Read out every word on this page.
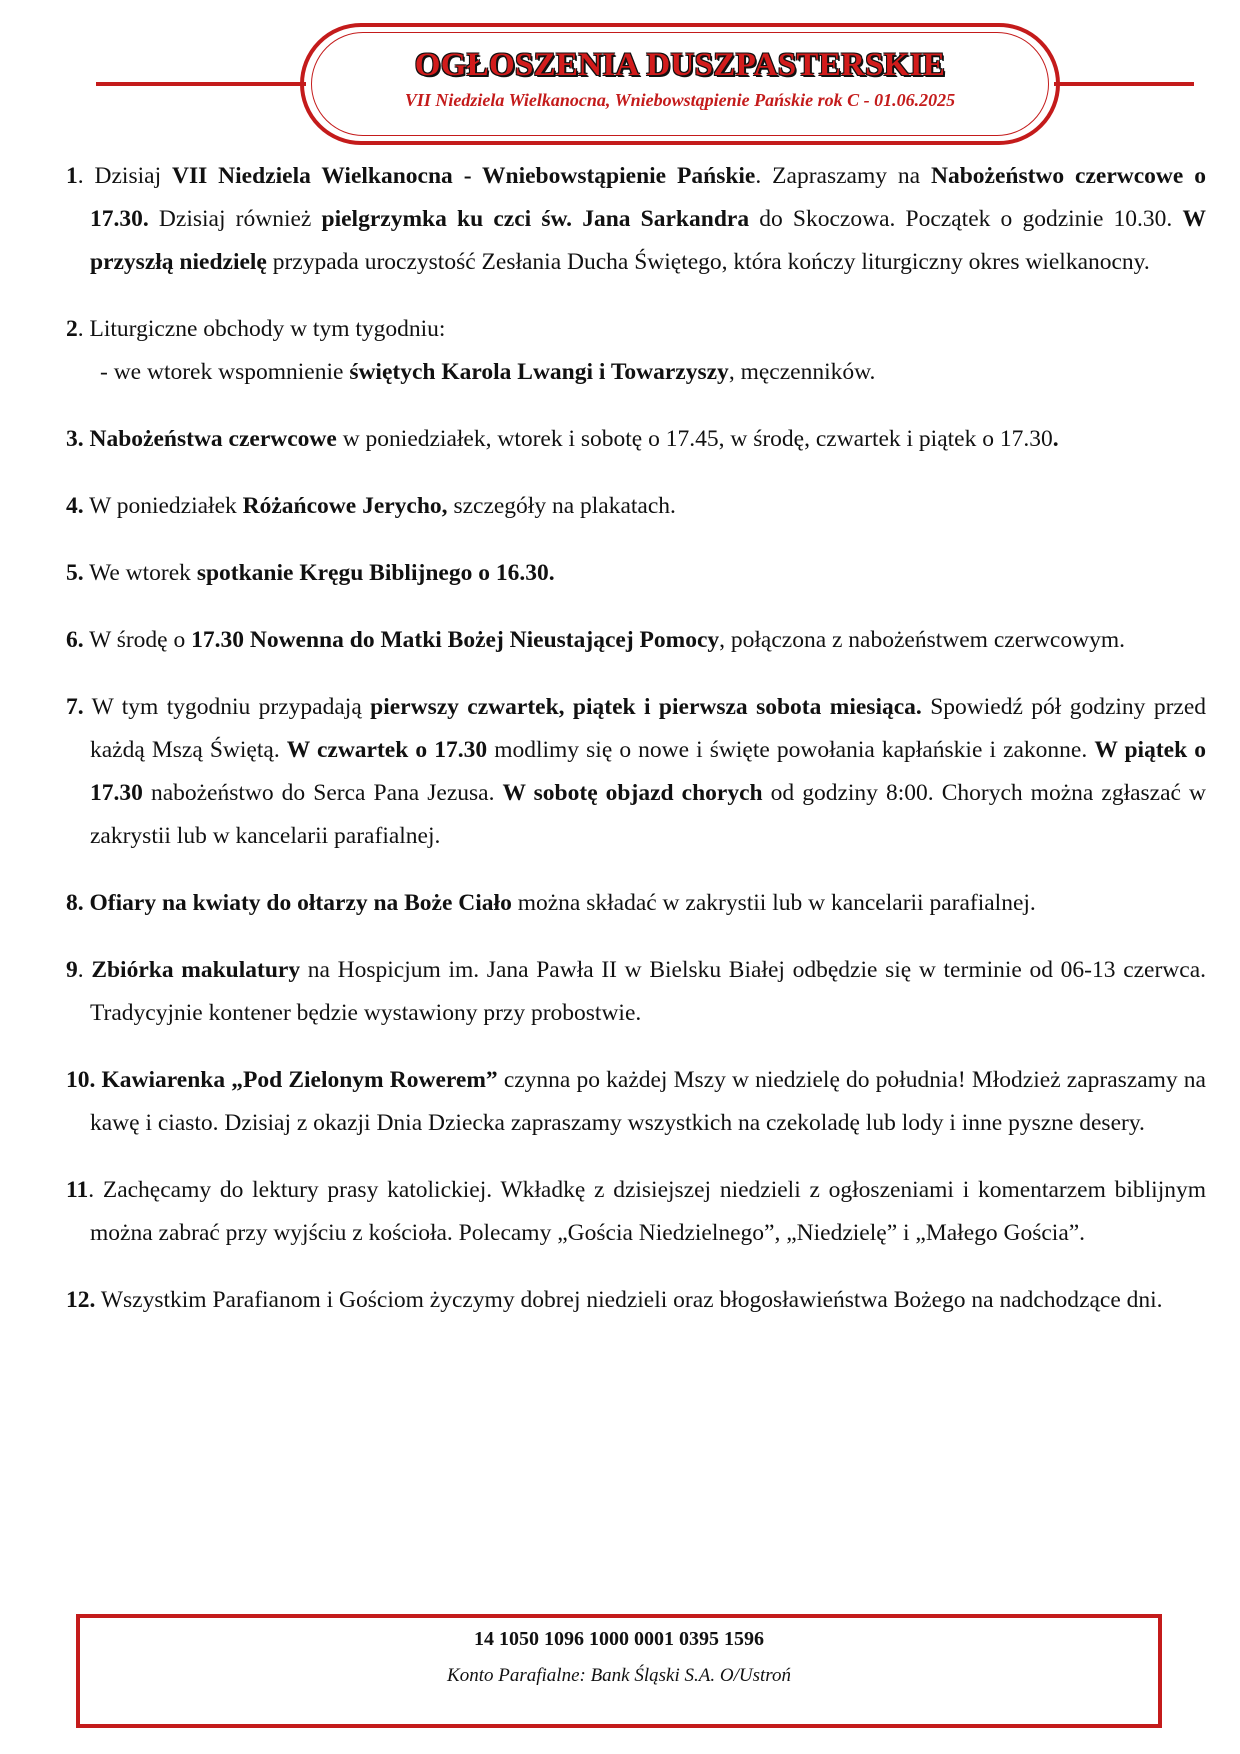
OGŁOSZENIA DUSZPASTERSKIE
VII Niedziela Wielkanocna, Wniebowstąpienie Pańskie rok C - 01.06.2025
1. Dzisiaj VII Niedziela Wielkanocna - Wniebowstąpienie Pańskie. Zapraszamy na Nabożeństwo czerwcowe o 17.30. Dzisiaj również pielgrzymka ku czci św. Jana Sarkandra do Skoczowa. Początek o godzinie 10.30. W przyszłą niedzielę przypada uroczystość Zesłania Ducha Świętego, która kończy liturgiczny okres wielkanocny.
2. Liturgiczne obchody w tym tygodniu:
- we wtorek wspomnienie świętych Karola Lwangi i Towarzyszy, męczenników.
3. Nabożeństwa czerwcowe w poniedziałek, wtorek i sobotę o 17.45, w środę, czwartek i piątek o 17.30.
4. W poniedziałek Różańcowe Jerycho, szczegóły na plakatach.
5. We wtorek spotkanie Kręgu Biblijnego o 16.30.
6. W środę o 17.30 Nowenna do Matki Bożej Nieustającej Pomocy, połączona z nabożeństwem czerwcowym.
7. W tym tygodniu przypadają pierwszy czwartek, piątek i pierwsza sobota miesiąca. Spowiedź pół godziny przed każdą Mszą Świętą. W czwartek o 17.30 modlimy się o nowe i święte powołania kapłańskie i zakonne. W piątek o 17.30 nabożeństwo do Serca Pana Jezusa. W sobotę objazd chorych od godziny 8:00. Chorych można zgłaszać w zakrystii lub w kancelarii parafialnej.
8. Ofiary na kwiaty do ołtarzy na Boże Ciało można składać w zakrystii lub w kancelarii parafialnej.
9. Zbiórka makulatury na Hospicjum im. Jana Pawła II w Bielsku Białej odbędzie się w terminie od 06-13 czerwca. Tradycyjnie kontener będzie wystawiony przy probostwie.
10. Kawiarenka „Pod Zielonym Rowerem” czynna po każdej Mszy w niedzielę do południa! Młodzież zapraszamy na kawę i ciasto. Dzisiaj z okazji Dnia Dziecka zapraszamy wszystkich na czekoladę lub lody i inne pyszne desery.
11. Zachęcamy do lektury prasy katolickiej. Wkładkę z dzisiejszej niedzieli z ogłoszeniami i komentarzem biblijnym można zabrać przy wyjściu z kościoła. Polecamy „Gościa Niedzielnego”, „Niedzielę” i „Małego Gościa”.
12. Wszystkim Parafianom i Gościom życzymy dobrej niedzieli oraz błogosławieństwa Bożego na nadchodzące dni.
14 1050 1096 1000 0001 0395 1596
Konto Parafialne: Bank Śląski S.A. O/Ustroń
